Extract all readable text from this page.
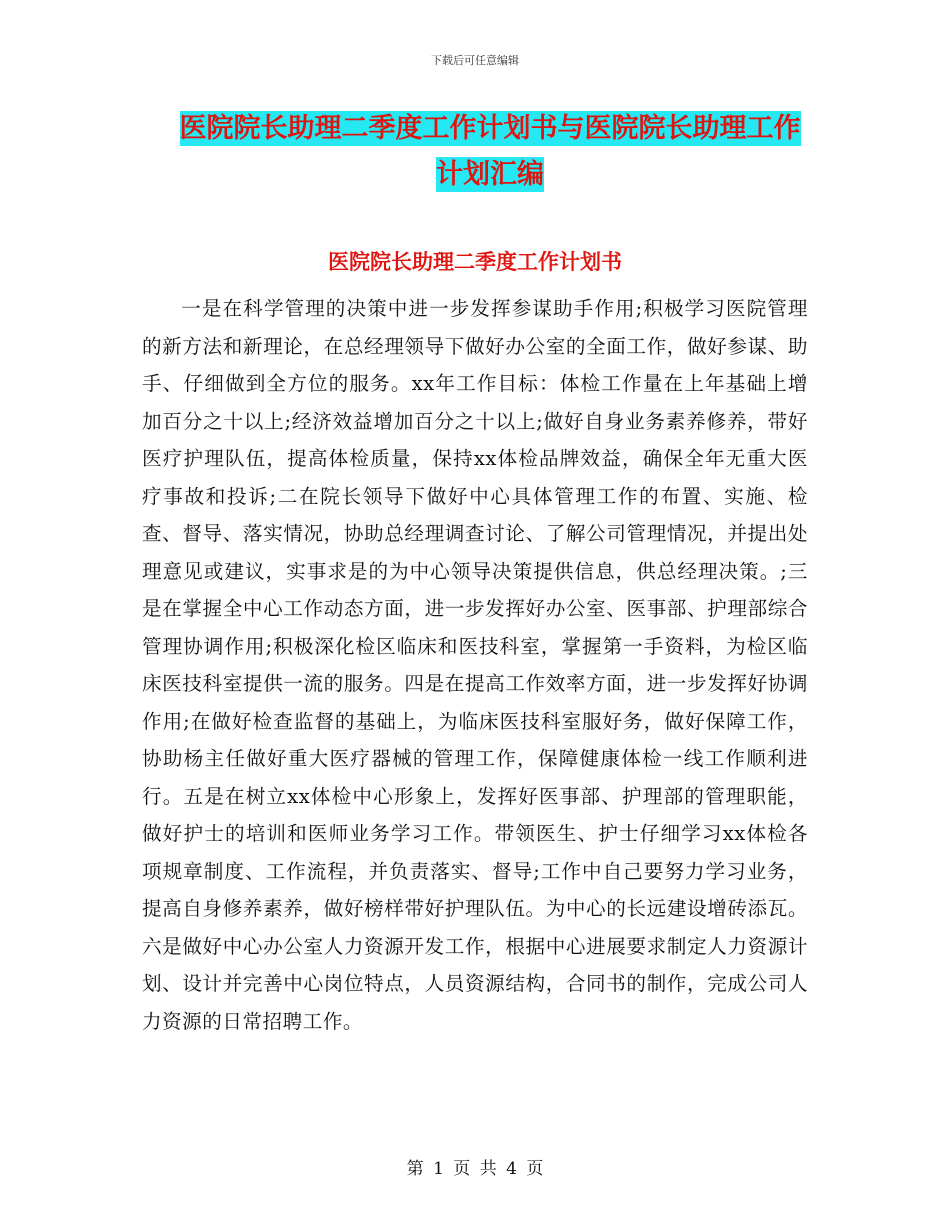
下载后可任意编辑
医院院长助理二季度工作计划书与医院院长助理工作
计划汇编
医院院长助理二季度工作计划书

一是在科学管理的决策中进一步发挥参谋助手作用;积极学习医院管理的新方法和新理论，在总经理领导下做好办公室的全面工作，做好参谋、助手、仔细做到全方位的服务。xx年工作目标：体检工作量在上年基础上增加百分之十以上;经济效益增加百分之十以上;做好自身业务素养修养，带好医疗护理队伍，提高体检质量，保持xx体检品牌效益，确保全年无重大医疗事故和投诉;二在院长领导下做好中心具体管理工作的布置、实施、检查、督导、落实情况，协助总经理调查讨论、了解公司管理情况，并提出处理意见或建议，实事求是的为中心领导决策提供信息，供总经理决策。;三是在掌握全中心工作动态方面，进一步发挥好办公室、医事部、护理部综合管理协调作用;积极深化检区临床和医技科室，掌握第一手资料，为检区临床医技科室提供一流的服务。四是在提高工作效率方面，进一步发挥好协调作用;在做好检查监督的基础上，为临床医技科室服好务，做好保障工作，协助杨主任做好重大医疗器械的管理工作，保障健康体检一线工作顺利进行。五是在树立xx体检中心形象上，发挥好医事部、护理部的管理职能，做好护士的培训和医师业务学习工作。带领医生、护士仔细学习xx体检各项规章制度、工作流程，并负责落实、督导;工作中自己要努力学习业务，提高自身修养素养，做好榜样带好护理队伍。为中心的长远建设增砖添瓦。六是做好中心办公室人力资源开发工作，根据中心进展要求制定人力资源计划、设计并完善中心岗位特点，人员资源结构，合同书的制作，完成公司人力资源的日常招聘工作。

第 1 页 共 4 页
